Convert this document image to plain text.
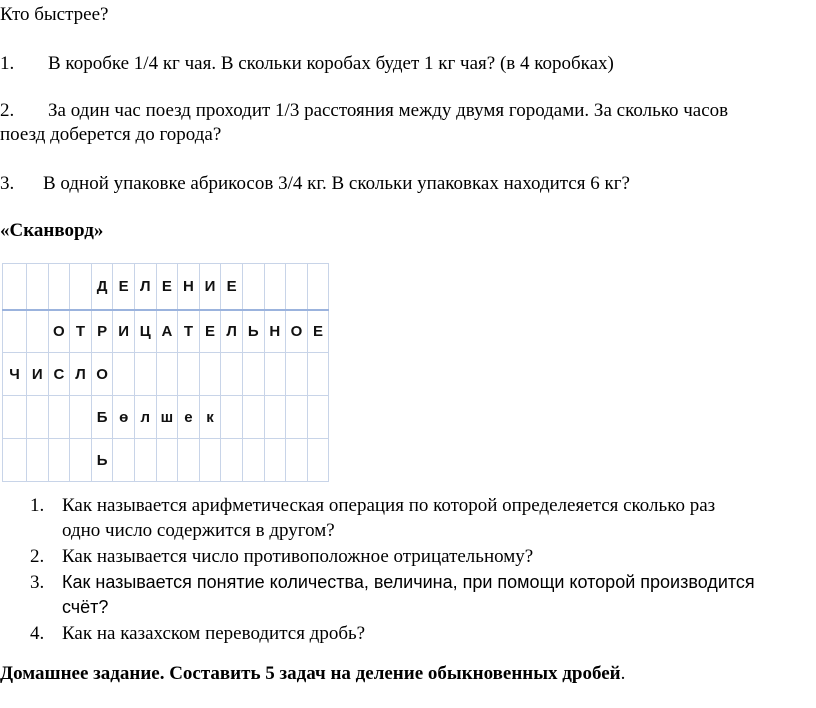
Кто быстрее?
1. В коробке 1/4 кг чая. В скольки коробах будет 1 кг чая? (в 4 коробках)
2. За один час поезд проходит 1/3 расстояния между двумя городами. За сколько часов
поезд доберется до города?
3. В одной упаковке абрикосов 3/4 кг. В скольки упаковках находится 6 кг?
«Сканворд»
				Д	Е	Л	Е	Н	И	Е				
		О	Т	Р	И	Ц	А	Т	Е	Л	Ь	Н	О	Е
Ч	И	С	Л	О										
				Б	ө	л	ш	е	к					
				Ь										
1. Как называется арифметическая операция по которой определеяется сколько раз
одно число содержится в другом?
2. Как называется число противоположное отрицательному?
3. Как называется понятие количества, величина, при помощи которой производится
счёт?
4. Как на казахском переводится дробь?
Домашнее задание. Составить 5 задач на деление обыкновенных дробей.
